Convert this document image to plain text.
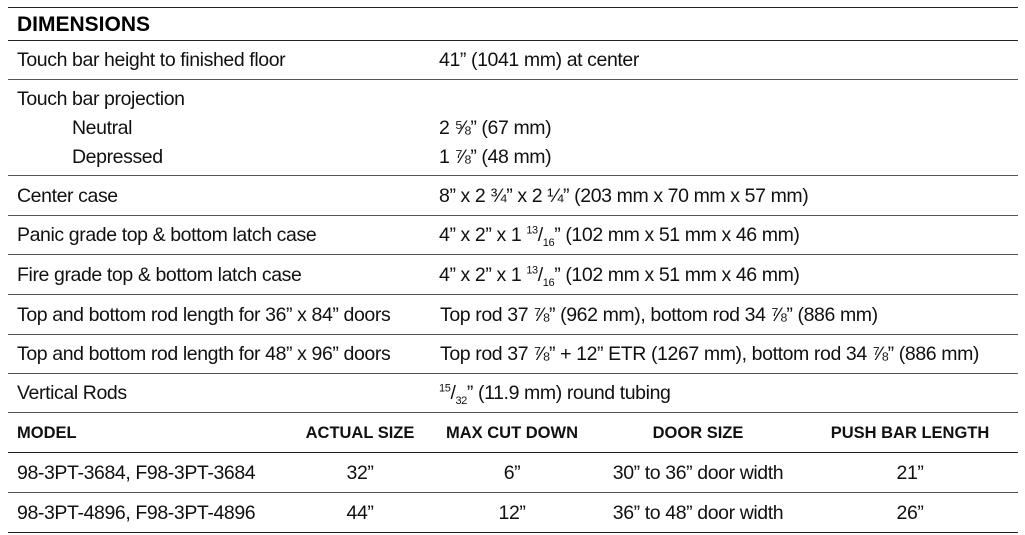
DIMENSIONS
Touch bar height to finished floor	41” (1041 mm) at center
Touch bar projection
Neutral	2 ⅝” (67 mm)
Depressed	1 ⅞” (48 mm)
Center case	8” x 2 ¾” x 2 ¼” (203 mm x 70 mm x 57 mm)
Panic grade top & bottom latch case	4” x 2” x 1 $^{13}/_{16}$” (102 mm x 51 mm x 46 mm)
Fire grade top & bottom latch case	4” x 2” x 1 $^{13}/_{16}$” (102 mm x 51 mm x 46 mm)
Top and bottom rod length for 36” x 84” doors	Top rod 37 ⅞” (962 mm), bottom rod 34 ⅞” (886 mm)
Top and bottom rod length for 48” x 96” doors	Top rod 37 ⅞” + 12” ETR (1267 mm), bottom rod 34 ⅞” (886 mm)
Vertical Rods	$^{15}/_{32}$” (11.9 mm) round tubing
MODEL	ACTUAL SIZE	MAX CUT DOWN	DOOR SIZE	PUSH BAR LENGTH
98-3PT-3684, F98-3PT-3684	32”	6”	30” to 36” door width	21”
98-3PT-4896, F98-3PT-4896	44”	12”	36” to 48” door width	26”
